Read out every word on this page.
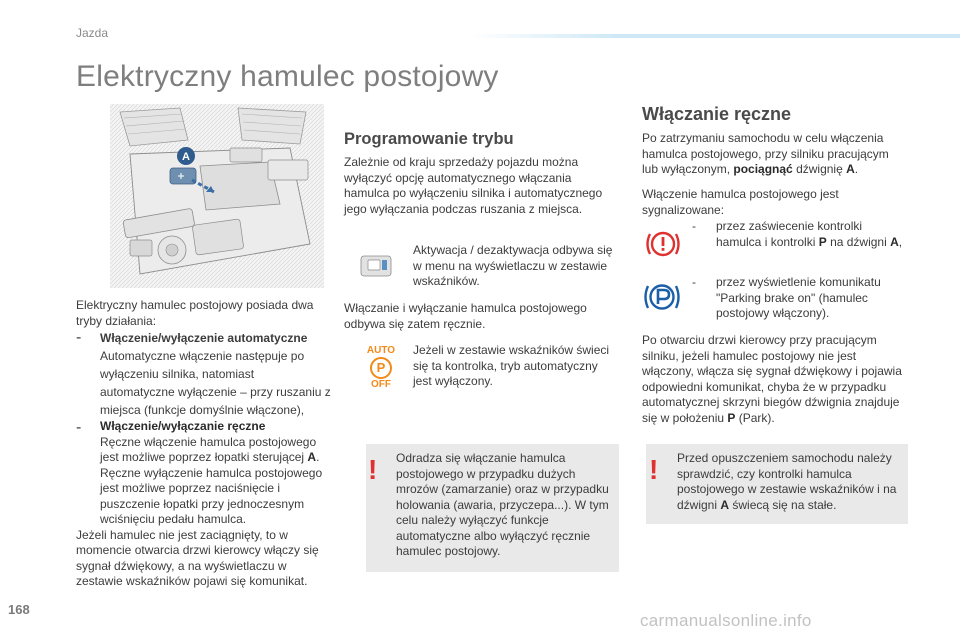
Jazda
Elektryczny hamulec postojowy
A

Elektryczny hamulec postojowy posiada dwa tryby działania:

-	Włączenie/wyłączenie automatyczne
Automatyczne włączenie następuje po wyłączeniu silnika, natomiast automatyczne wyłączenie – przy ruszaniu z miejsca (funkcje domyślnie włączone),
-	Włączenie/wyłączanie ręczne
Ręczne włączenie hamulca postojowego jest możliwe poprzez łopatki sterującej A.
Ręczne wyłączenie hamulca postojowego jest możliwe poprzez naciśnięcie i puszczenie łopatki przy jednoczesnym wciśnięciu pedału hamulca.

Jeżeli hamulec nie jest zaciągnięty, to w momencie otwarcia drzwi kierowcy włączy się sygnał dźwiękowy, a na wyświetlaczu w zestawie wskaźników pojawi się komunikat.

Programowanie trybu

Zależnie od kraju sprzedaży pojazdu można wyłączyć opcję automatycznego włączania hamulca po wyłączeniu silnika i automatycznego jego wyłączania podczas ruszania z miejsca.

Aktywacja / dezaktywacja odbywa się w menu na wyświetlaczu w zestawie wskaźników.

Włączanie i wyłączanie hamulca postojowego odbywa się zatem ręcznie.

AUTO
P
OFF

Jeżeli w zestawie wskaźników świeci się ta kontrolka, tryb automatyczny jest wyłączony.

! Odradza się włączanie hamulca postojowego w przypadku dużych mrozów (zamarzanie) oraz w przypadku holowania (awaria, przyczepa...). W tym celu należy wyłączyć funkcje automatyczne albo wyłączyć ręcznie hamulec postojowy.

Włączanie ręczne

Po zatrzymaniu samochodu w celu włączenia hamulca postojowego, przy silniku pracującym lub wyłączonym, pociągnąć dźwignię A.

Włączenie hamulca postojowego jest sygnalizowane:

-	przez zaświecenie kontrolki hamulca i kontrolki P na dźwigni A,
-	przez wyświetlenie komunikatu "Parking brake on" (hamulec postojowy włączony).

Po otwarciu drzwi kierowcy przy pracującym silniku, jeżeli hamulec postojowy nie jest włączony, włącza się sygnał dźwiękowy i pojawia odpowiedni komunikat, chyba że w przypadku automatycznej skrzyni biegów dźwignia znajduje się w położeniu P (Park).

! Przed opuszczeniem samochodu należy sprawdzić, czy kontrolki hamulca postojowego w zestawie wskaźników i na dźwigni A świecą się na stałe.

168
carmanualsonline.info
